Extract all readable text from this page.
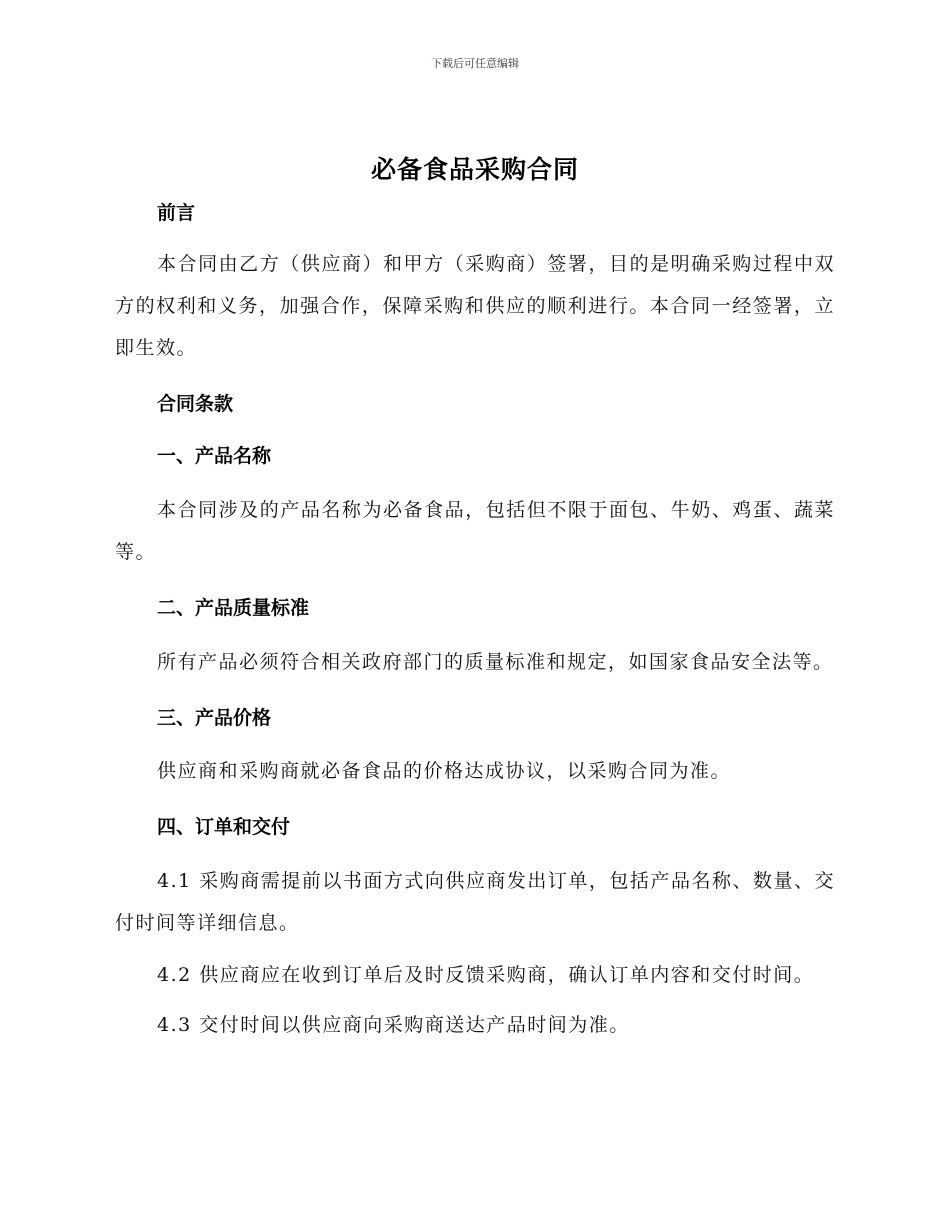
下载后可任意编辑
必备食品采购合同

前言

本合同由乙方（供应商）和甲方（采购商）签署，目的是明确采购过程中双方的权利和义务，加强合作，保障采购和供应的顺利进行。本合同一经签署，立即生效。

合同条款

一、产品名称

本合同涉及的产品名称为必备食品，包括但不限于面包、牛奶、鸡蛋、蔬菜等。

二、产品质量标准

所有产品必须符合相关政府部门的质量标准和规定，如国家食品安全法等。

三、产品价格

供应商和采购商就必备食品的价格达成协议，以采购合同为准。

四、订单和交付

4.1 采购商需提前以书面方式向供应商发出订单，包括产品名称、数量、交付时间等详细信息。

4.2 供应商应在收到订单后及时反馈采购商，确认订单内容和交付时间。

4.3 交付时间以供应商向采购商送达产品时间为准。
